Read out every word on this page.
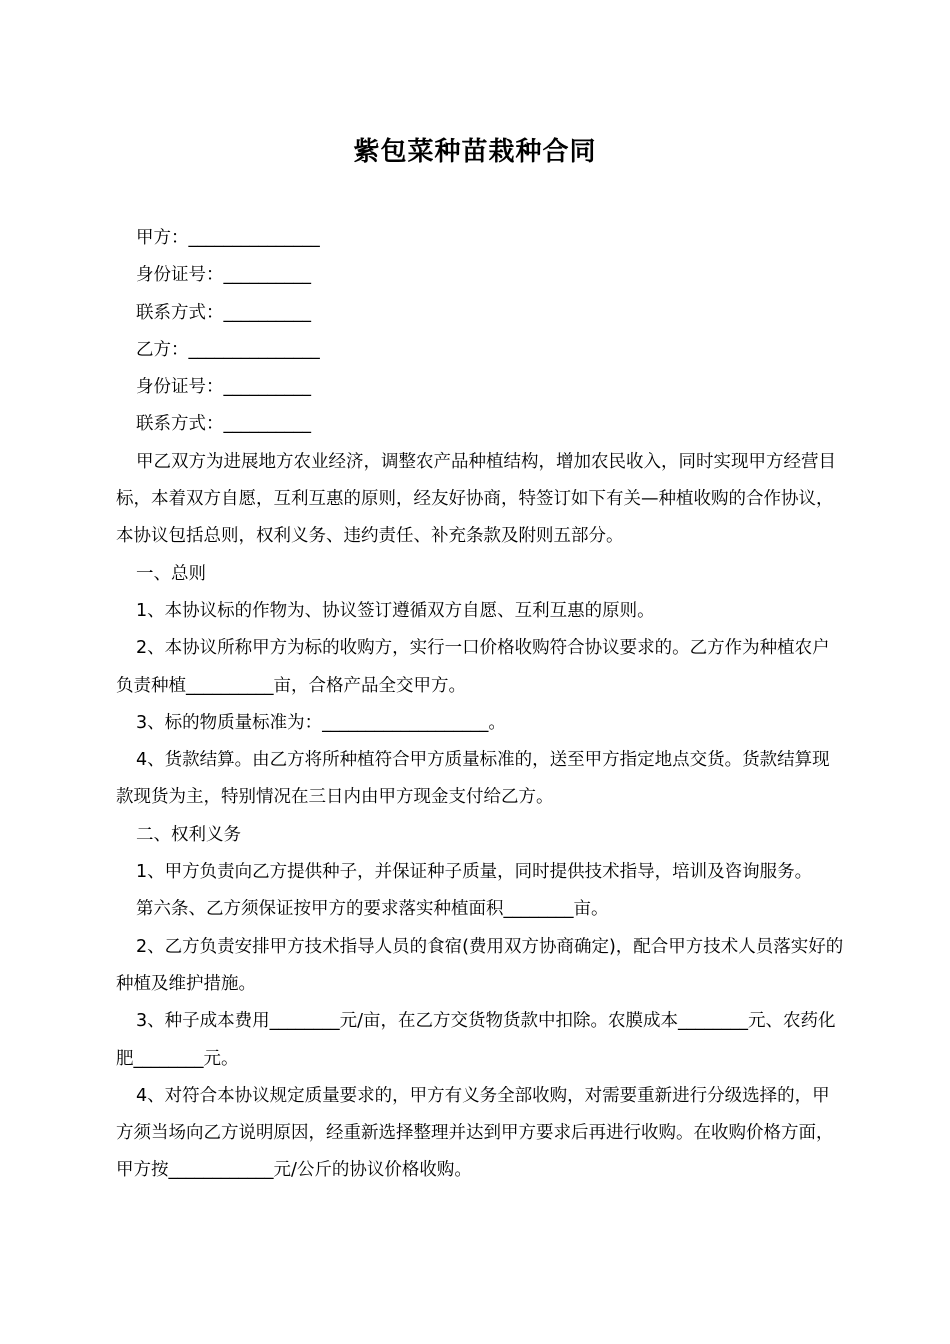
紫包菜种苗栽种合同

甲方：_______________

身份证号：__________

联系方式：__________

乙方：_______________

身份证号：__________

联系方式：__________

甲乙双方为进展地方农业经济，调整农产品种植结构，增加农民收入，同时实现甲方经营目标，本着双方自愿，互利互惠的原则，经友好协商，特签订如下有关—种植收购的合作协议，本协议包括总则，权利义务、违约责任、补充条款及附则五部分。

一、总则

1、本协议标的作物为、协议签订遵循双方自愿、互利互惠的原则。

2、本协议所称甲方为标的收购方，实行一口价格收购符合协议要求的。乙方作为种植农户负责种植__________亩，合格产品全交甲方。

3、标的物质量标准为：___________________。

4、货款结算。由乙方将所种植符合甲方质量标准的，送至甲方指定地点交货。货款结算现款现货为主，特别情况在三日内由甲方现金支付给乙方。

二、权利义务

1、甲方负责向乙方提供种子，并保证种子质量，同时提供技术指导，培训及咨询服务。

第六条、乙方须保证按甲方的要求落实种植面积________亩。

2、乙方负责安排甲方技术指导人员的食宿(费用双方协商确定)，配合甲方技术人员落实好的种植及维护措施。

3、种子成本费用________元/亩，在乙方交货物货款中扣除。农膜成本________元、农药化肥________元。

4、对符合本协议规定质量要求的，甲方有义务全部收购，对需要重新进行分级选择的，甲方须当场向乙方说明原因，经重新选择整理并达到甲方要求后再进行收购。在收购价格方面，甲方按____________元/公斤的协议价格收购。
